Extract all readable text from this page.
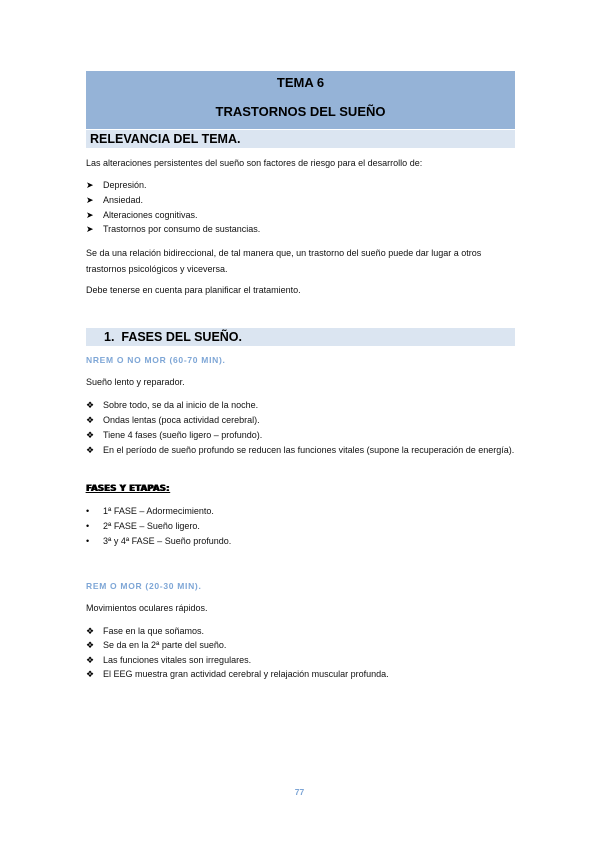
TEMA 6
TRASTORNOS DEL SUEÑO
RELEVANCIA DEL TEMA.
Las alteraciones persistentes del sueño son factores de riesgo para el desarrollo de:
➤	Depresión.
➤	Ansiedad.
➤	Alteraciones cognitivas.
➤	Trastornos por consumo de sustancias.
Se da una relación bidireccional, de tal manera que, un trastorno del sueño puede dar lugar a otros trastornos psicológicos y viceversa.
Debe tenerse en cuenta para planificar el tratamiento.
1.  FASES DEL SUEÑO.
NREM O NO MOR (60-70 MIN).
Sueño lento y reparador.
❖ Sobre todo, se da al inicio de la noche.
❖ Ondas lentas (poca actividad cerebral).
❖ Tiene 4 fases (sueño ligero – profundo).
❖ En el período de sueño profundo se reducen las funciones vitales (supone la recuperación de energía).
FASES Y ETAPAS:
•	1ª FASE – Adormecimiento.
•	2ª FASE – Sueño ligero.
•	3ª y 4ª FASE – Sueño profundo.
REM O MOR (20-30 MIN).
Movimientos oculares rápidos.
❖ Fase en la que soñamos.
❖ Se da en la 2ª parte del sueño.
❖ Las funciones vitales son irregulares.
❖ El EEG muestra gran actividad cerebral y relajación muscular profunda.
77
